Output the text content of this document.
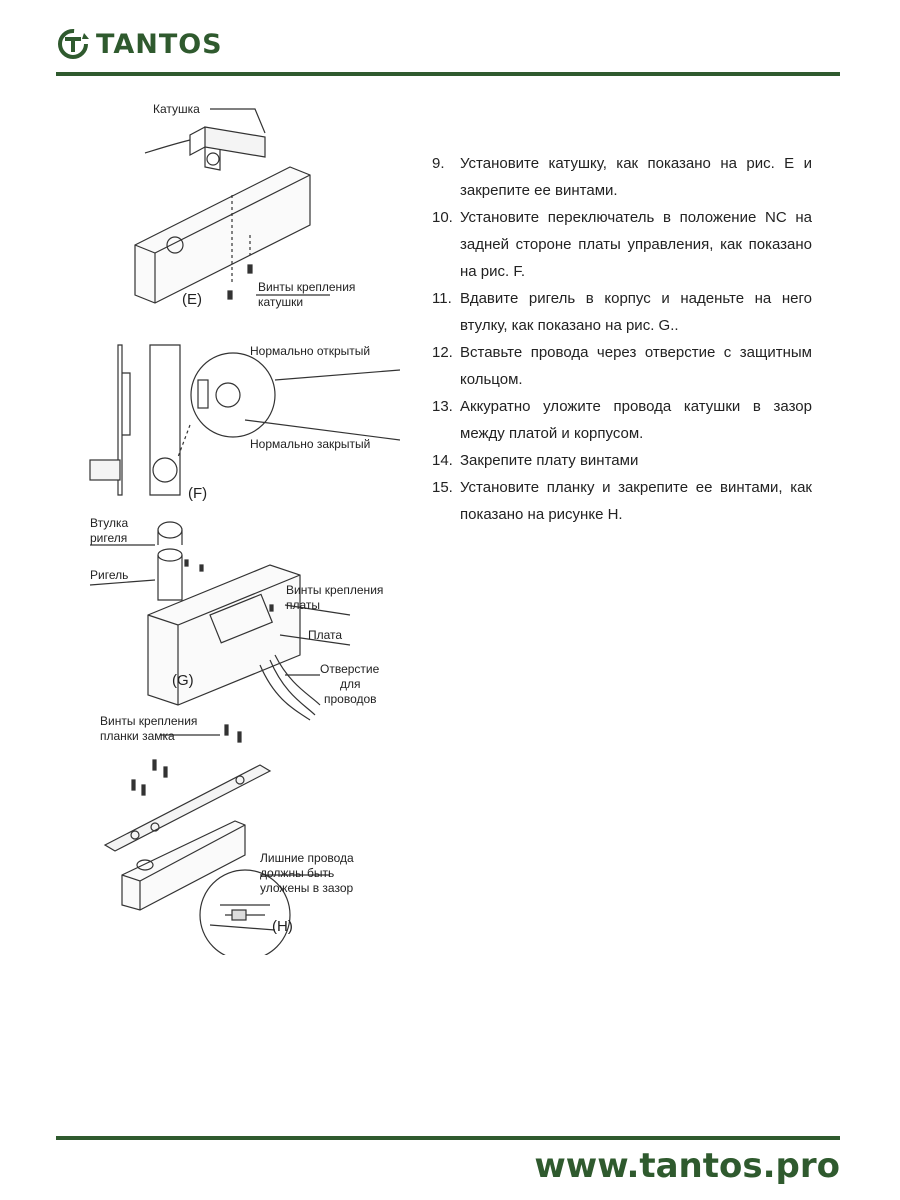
TANTOS
Катушка
Винты крепления
катушки
(E)
Нормально открытый
Нормально закрытый
(F)
Втулка
ригеля
Ригель
Винты крепления
платы
Плата
Отверстие
для
проводов
(G)
Винты крепления
планки замка
Лишние провода
должны быть
уложены в зазор
(H)
9.	Установите катушку, как показано на рис. E и закрепите ее винтами.
10. Установите переключатель в положение NC на задней стороне платы управления, как показано на рис. F.
11. Вдавите ригель в корпус и наденьте на него втулку, как показано на рис. G..
12. Вставьте провода через отверстие с защитным кольцом.
13. Аккуратно уложите провода катушки в зазор между платой и корпусом.
14. Закрепите плату винтами
15. Установите планку и закрепите ее винтами, как показано на рисунке H.
www.tantos.pro
